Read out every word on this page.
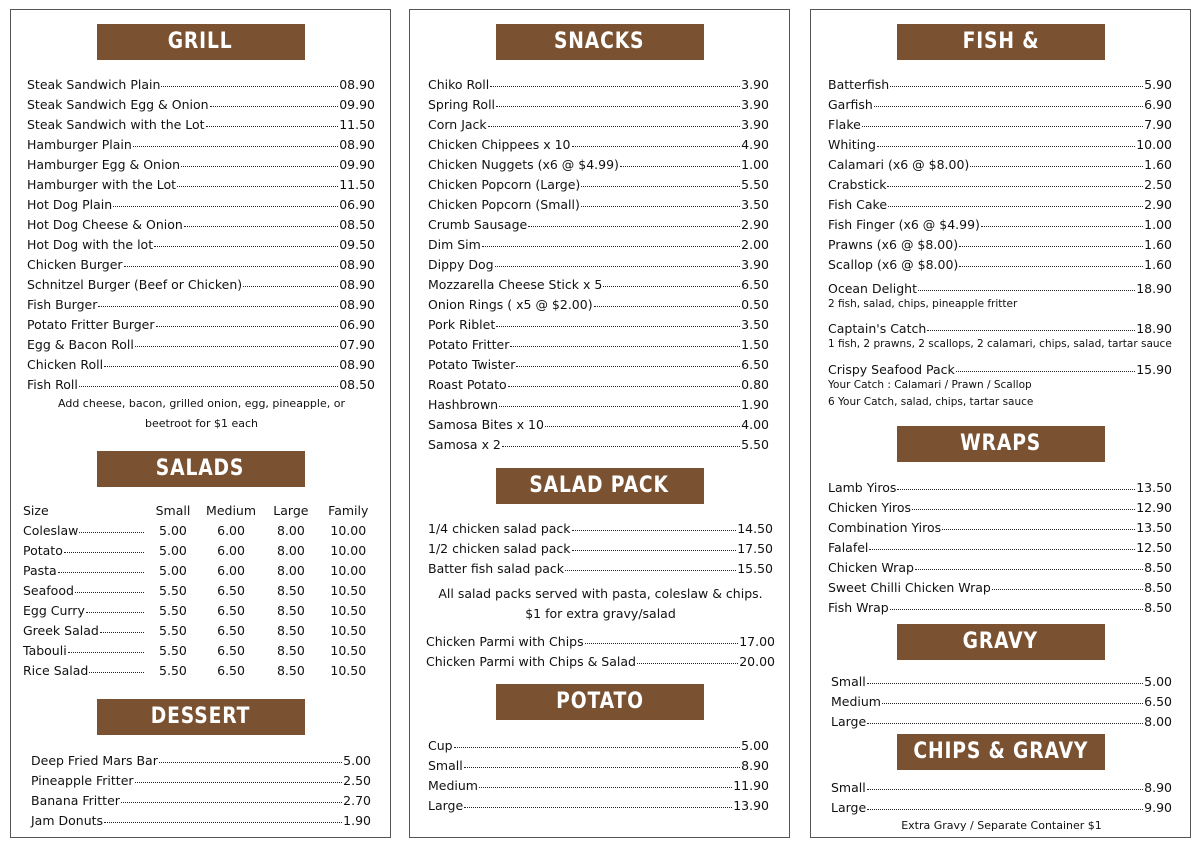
GRILL
Steak Sandwich Plain	08.90
Steak Sandwich Egg & Onion	09.90
Steak Sandwich with the Lot	11.50
Hamburger Plain	08.90
Hamburger Egg & Onion	09.90
Hamburger with the Lot	11.50
Hot Dog Plain	06.90
Hot Dog Cheese & Onion	08.50
Hot Dog with the lot	09.50
Chicken Burger	08.90
Schnitzel Burger (Beef or Chicken)	08.90
Fish Burger	08.90
Potato Fritter Burger	06.90
Egg & Bacon Roll	07.90
Chicken Roll	08.90
Fish Roll	08.50
Add cheese, bacon, grilled onion, egg, pineapple, or
beetroot for $1 each
SALADS
Size	Small	Medium	Large	Family
Coleslaw	5.00	6.00	8.00	10.00
Potato	5.00	6.00	8.00	10.00
Pasta	5.00	6.00	8.00	10.00
Seafood	5.50	6.50	8.50	10.50
Egg Curry	5.50	6.50	8.50	10.50
Greek Salad	5.50	6.50	8.50	10.50
Tabouli	5.50	6.50	8.50	10.50
Rice Salad	5.50	6.50	8.50	10.50
DESSERT
Deep Fried Mars Bar	5.00
Pineapple Fritter	2.50
Banana Fritter	2.70
Jam Donuts	1.90
SNACKS
Chiko Roll	3.90
Spring Roll	3.90
Corn Jack	3.90
Chicken Chippees x 10	4.90
Chicken Nuggets (x6 @ $4.99)	1.00
Chicken Popcorn (Large)	5.50
Chicken Popcorn (Small)	3.50
Crumb Sausage	2.90
Dim Sim	2.00
Dippy Dog	3.90
Mozzarella Cheese Stick x 5	6.50
Onion Rings ( x5 @ $2.00)	0.50
Pork Riblet	3.50
Potato Fritter	1.50
Potato Twister	6.50
Roast Potato	0.80
Hashbrown	1.90
Samosa Bites x 10	4.00
Samosa x 2	5.50
SALAD PACK
1/4 chicken salad pack	14.50
1/2 chicken salad pack	17.50
Batter fish salad pack	15.50
All salad packs served with pasta, coleslaw & chips.
$1 for extra gravy/salad
Chicken Parmi with Chips	17.00
Chicken Parmi with Chips & Salad	20.00
POTATO WEDGES
Cup	5.00
Small	8.90
Medium	11.90
Large	13.90
FISH & SEAFOOD
Batterfish	5.90
Garfish	6.90
Flake	7.90
Whiting	10.00
Calamari (x6 @ $8.00)	1.60
Crabstick	2.50
Fish Cake	2.90
Fish Finger (x6 @ $4.99)	1.00
Prawns (x6 @ $8.00)	1.60
Scallop (x6 @ $8.00)	1.60
Ocean Delight	18.90
2 fish, salad, chips, pineapple fritter
Captain's Catch	18.90
1 fish, 2 prawns, 2 scallops, 2 calamari, chips, salad, tartar sauce
Crispy Seafood Pack	15.90
Your Catch : Calamari / Prawn / Scallop
6 Your Catch, salad, chips, tartar sauce
WRAPS
Lamb Yiros	13.50
Chicken Yiros	12.90
Combination Yiros	13.50
Falafel	12.50
Chicken Wrap	8.50
Sweet Chilli Chicken Wrap	8.50
Fish Wrap	8.50
GRAVY
Small	5.00
Medium	6.50
Large	8.00
CHIPS & GRAVY
Small	8.90
Large	9.90
Extra Gravy / Separate Container $1
